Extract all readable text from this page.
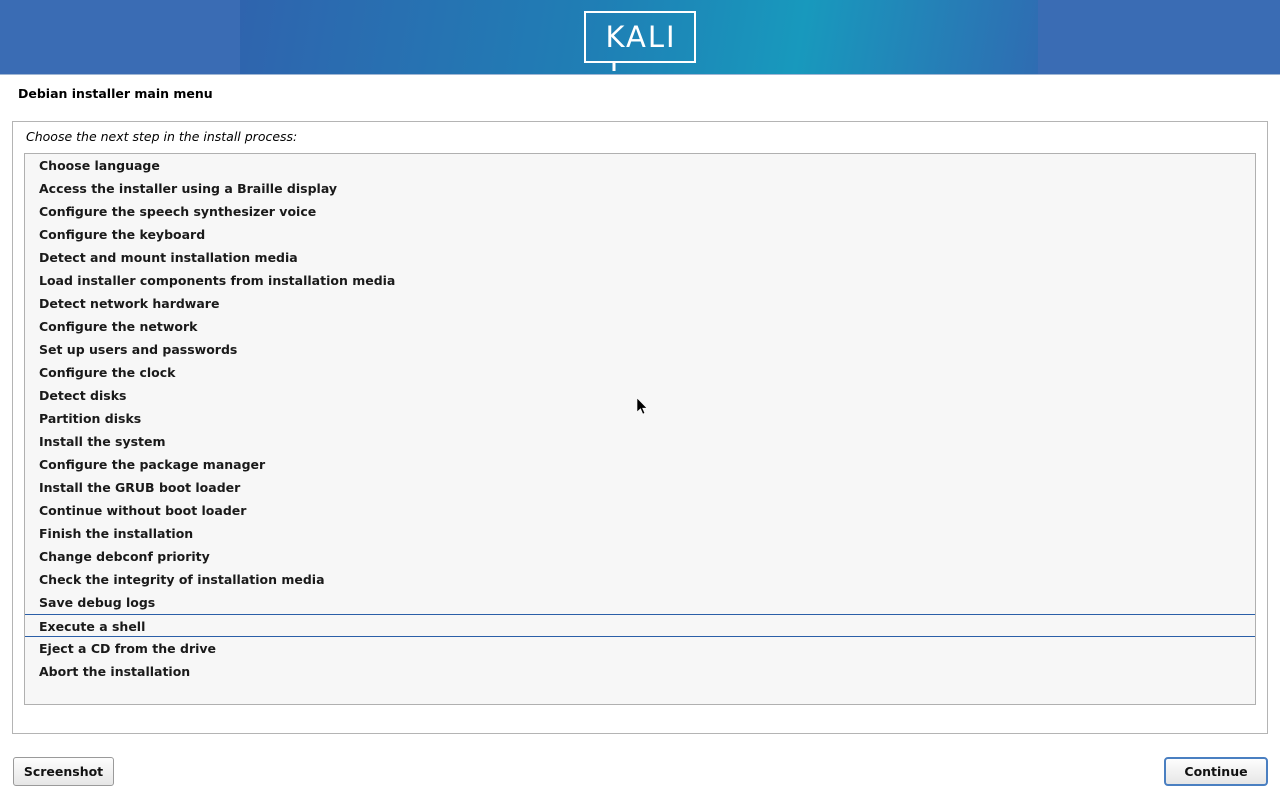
KALI
Debian installer main menu
Choose the next step in the install process:
Choose language
Access the installer using a Braille display
Configure the speech synthesizer voice
Configure the keyboard
Detect and mount installation media
Load installer components from installation media
Detect network hardware
Configure the network
Set up users and passwords
Configure the clock
Detect disks
Partition disks
Install the system
Configure the package manager
Install the GRUB boot loader
Continue without boot loader
Finish the installation
Change debconf priority
Check the integrity of installation media
Save debug logs
Execute a shell
Eject a CD from the drive
Abort the installation
Screenshot	Continue
